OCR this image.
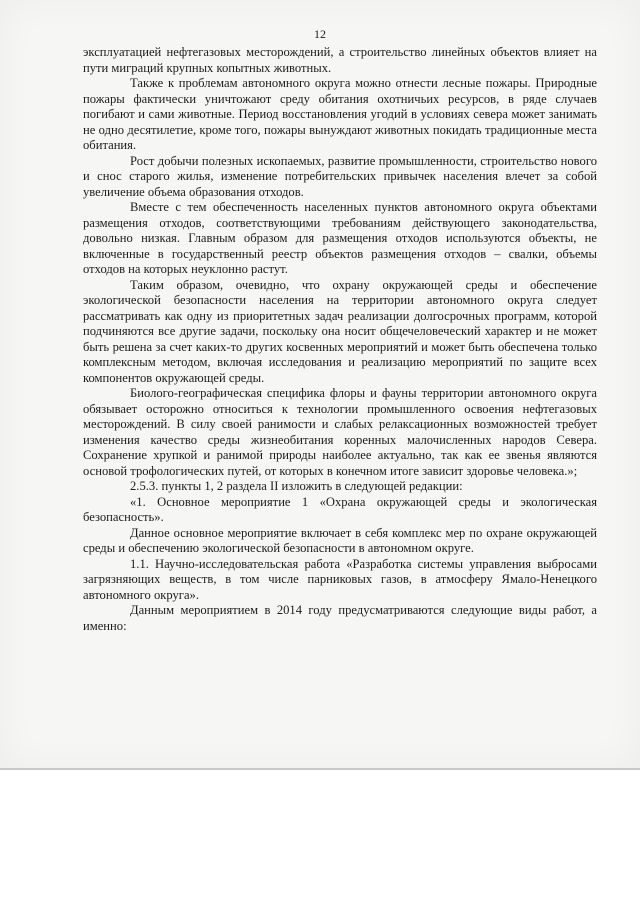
12

эксплуатацией нефтегазовых месторождений, а строительство линейных объектов влияет на пути миграций крупных копытных животных.

Также к проблемам автономного округа можно отнести лесные пожары. Природные пожары фактически уничтожают среду обитания охотничьих ресурсов, в ряде случаев погибают и сами животные. Период восстановления угодий в условиях севера может занимать не одно десятилетие, кроме того, пожары вынуждают животных покидать традиционные места обитания.

Рост добычи полезных ископаемых, развитие промышленности, строительство нового и снос старого жилья, изменение потребительских привычек населения влечет за собой увеличение объема образования отходов.

Вместе с тем обеспеченность населенных пунктов автономного округа объектами размещения отходов, соответствующими требованиям действующего законодательства, довольно низкая. Главным образом для размещения отходов используются объекты, не включенные в государственный реестр объектов размещения отходов – свалки, объемы отходов на которых неуклонно растут.

Таким образом, очевидно, что охрану окружающей среды и обеспечение экологической безопасности населения на территории автономного округа следует рассматривать как одну из приоритетных задач реализации долгосрочных программ, которой подчиняются все другие задачи, поскольку она носит общечеловеческий характер и не может быть решена за счет каких-то других косвенных мероприятий и может быть обеспечена только комплексным методом, включая исследования и реализацию мероприятий по защите всех компонентов окружающей среды.

Биолого-географическая специфика флоры и фауны территории автономного округа обязывает осторожно относиться к технологии промышленного освоения нефтегазовых месторождений. В силу своей ранимости и слабых релаксационных возможностей требует изменения качество среды жизнеобитания коренных малочисленных народов Севера. Сохранение хрупкой и ранимой природы наиболее актуально, так как ее звенья являются основой трофологических путей, от которых в конечном итоге зависит здоровье человека.»;

2.5.3. пункты 1, 2 раздела II изложить в следующей редакции:

«1. Основное мероприятие 1 «Охрана окружающей среды и экологическая безопасность».

Данное основное мероприятие включает в себя комплекс мер по охране окружающей среды и обеспечению экологической безопасности в автономном округе.

1.1. Научно-исследовательская работа «Разработка системы управления выбросами загрязняющих веществ, в том числе парниковых газов, в атмосферу Ямало-Ненецкого автономного округа».

Данным мероприятием в 2014 году предусматриваются следующие виды работ, а именно:
